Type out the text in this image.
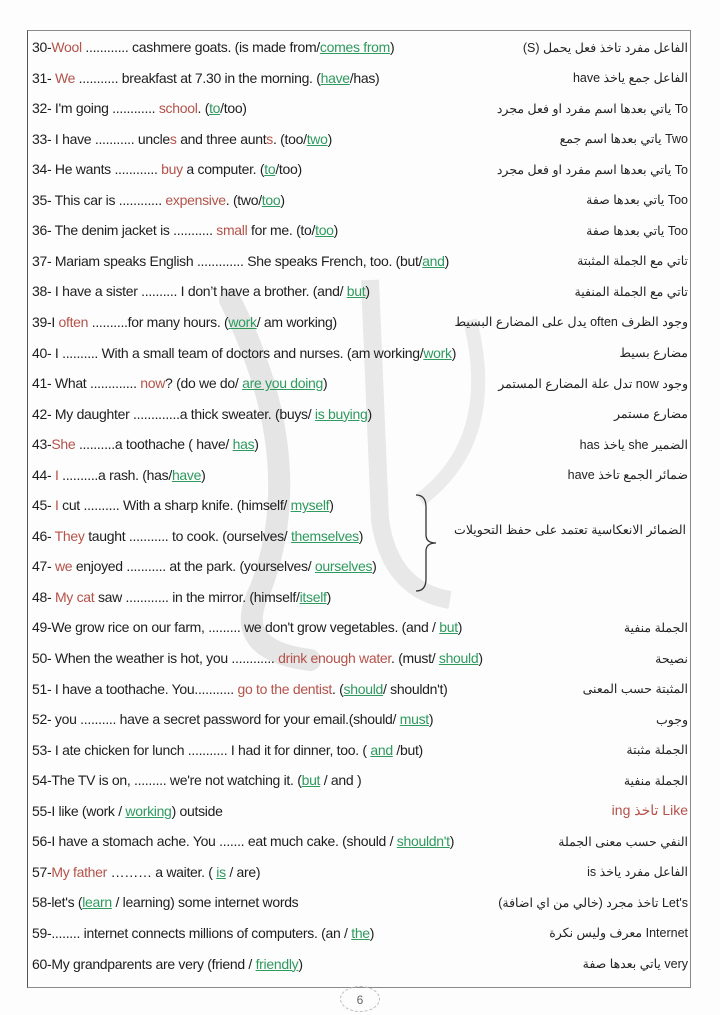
30-Wool ............ cashmere goats. (is made from/comes from)	الفاعل مفرد تاخذ فعل يحمل (S)
31- We ........... breakfast at 7.30 in the morning. (have/has)	الفاعل جمع ياخذ have
32- I'm going ............ school. (to/too)	To ياتي بعدها اسم مفرد او فعل مجرد
33- I have ........... uncles and three aunts. (too/two)	Two ياتي بعدها اسم جمع
34- He wants ............ buy a computer. (to/too)	To ياتي بعدها اسم مفرد او فعل مجرد
35- This car is ............ expensive. (two/too)	Too ياتي بعدها صفة
36- The denim jacket is ........... small for me. (to/too)	Too ياتي بعدها صفة
37- Mariam speaks English ............. She speaks French, too. (but/and)	تاتي مع الجملة المثبتة
38- I have a sister .......... I don’t have a brother. (and/ but)	تاتي مع الجملة المنفية
39-I often ..........for many hours. (work/ am working)	وجود الظرف often يدل على المضارع البسيط
40- I .......... With a small team of doctors and nurses. (am working/work)	مضارع بسيط
41- What ............. now? (do we do/ are you doing)	وجود now تدل علة المضارع المستمر
42- My daughter .............a thick sweater. (buys/ is buying)	مضارع مستمر
43-She ..........a toothache ( have/ has)	الضمير she ياخذ has
44- I ..........a rash. (has/have)	ضمائر الجمع تاخذ have
45- I cut .......... With a sharp knife. (himself/ myself)
46- They taught ........... to cook. (ourselves/ themselves)
47- we enjoyed ........... at the park. (yourselves/ ourselves)
48- My cat saw ............ in the mirror. (himself/itself)
49-We grow rice on our farm, ......... we don't grow vegetables. (and / but)	الجملة منفية
50- When the weather is hot, you ............ drink enough water. (must/ should)	نصيحة
51- I have a toothache. You........... go to the dentist. (should/ shouldn't)	المثبتة حسب المعنى
52- you .......... have a secret password for your email.(should/ must)	وجوب
53- I ate chicken for lunch ........... I had it for dinner, too. ( and /but)	الجملة مثبتة
54-The TV is on, ......... we're not watching it. (but / and )	الجملة منفية
55-I like (work / working) outside	Like تاخذ ing
56-I have a stomach ache. You ....... eat much cake. (should / shouldn't)	النفي حسب معنى الجملة
57-My father ……… a waiter. ( is / are)	الفاعل مفرد ياخذ is
58-let's (learn / learning) some internet words	Let's تاخذ مجرد (خالي من اي اضافة)
59-........ internet connects millions of computers. (an / the)	Internet معرف وليس نكرة
60-My grandparents are very (friend / friendly)	very ياتي بعدها صفة
الضمائر الانعكاسية تعتمد على حفظ التحويلات
6
